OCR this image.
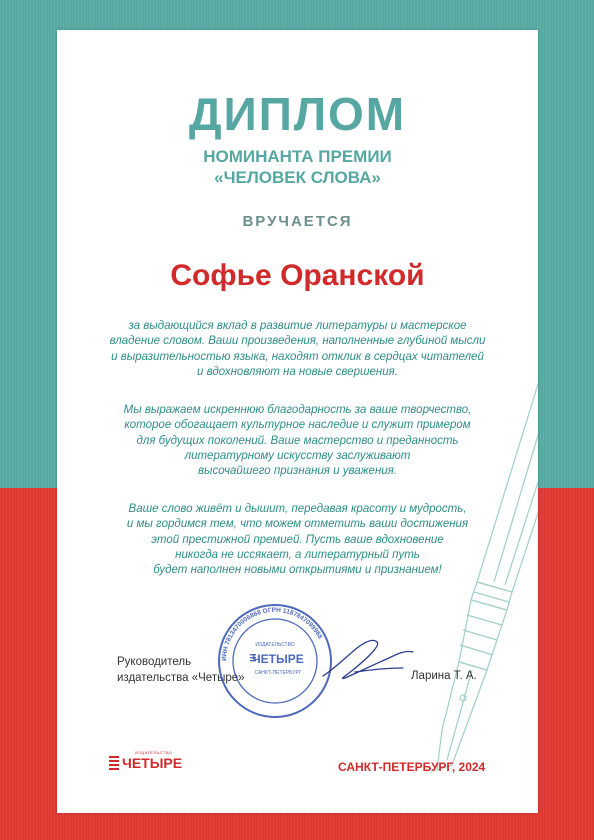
ДИПЛОМ
НОМИНАНТА ПРЕМИИ
«ЧЕЛОВЕК СЛОВА»
ВРУЧАЕТСЯ
Софье Оранской

за выдающийся вклад в развитие литературы и мастерское
владение словом. Ваши произведения, наполненные глубиной мысли
и выразительностью языка, находят отклик в сердцах читателей
и вдохновляют на новые свершения.

Мы выражаем искреннюю благодарность за ваше творчество,
которое обогащает культурное наследие и служит примером
для будущих поколений. Ваше мастерство и преданность
литературному искусству заслуживают
высочайшего признания и уважения.

Ваше слово живёт и дышит, передавая красоту и мудрость,
и мы гордимся тем, что можем отметить ваши достижения
этой престижной премией. Пусть ваше вдохновение
никогда не иссякает, а литературный путь
будет наполнен новыми открытиями и признанием!

Руководитель
издательства «Четыре»
ИНН 7813470006868 ОГРН 1187847099968
ИЗДАТЕЛЬСТВО
ЧЕТЫРЕ
САНКТ-ПЕТЕРБУРГ	Ларина Т. А.
ИЗДАТЕЛЬСТВО
ЧЕТЫРЕ	САНКТ-ПЕТЕРБУРГ, 2024
